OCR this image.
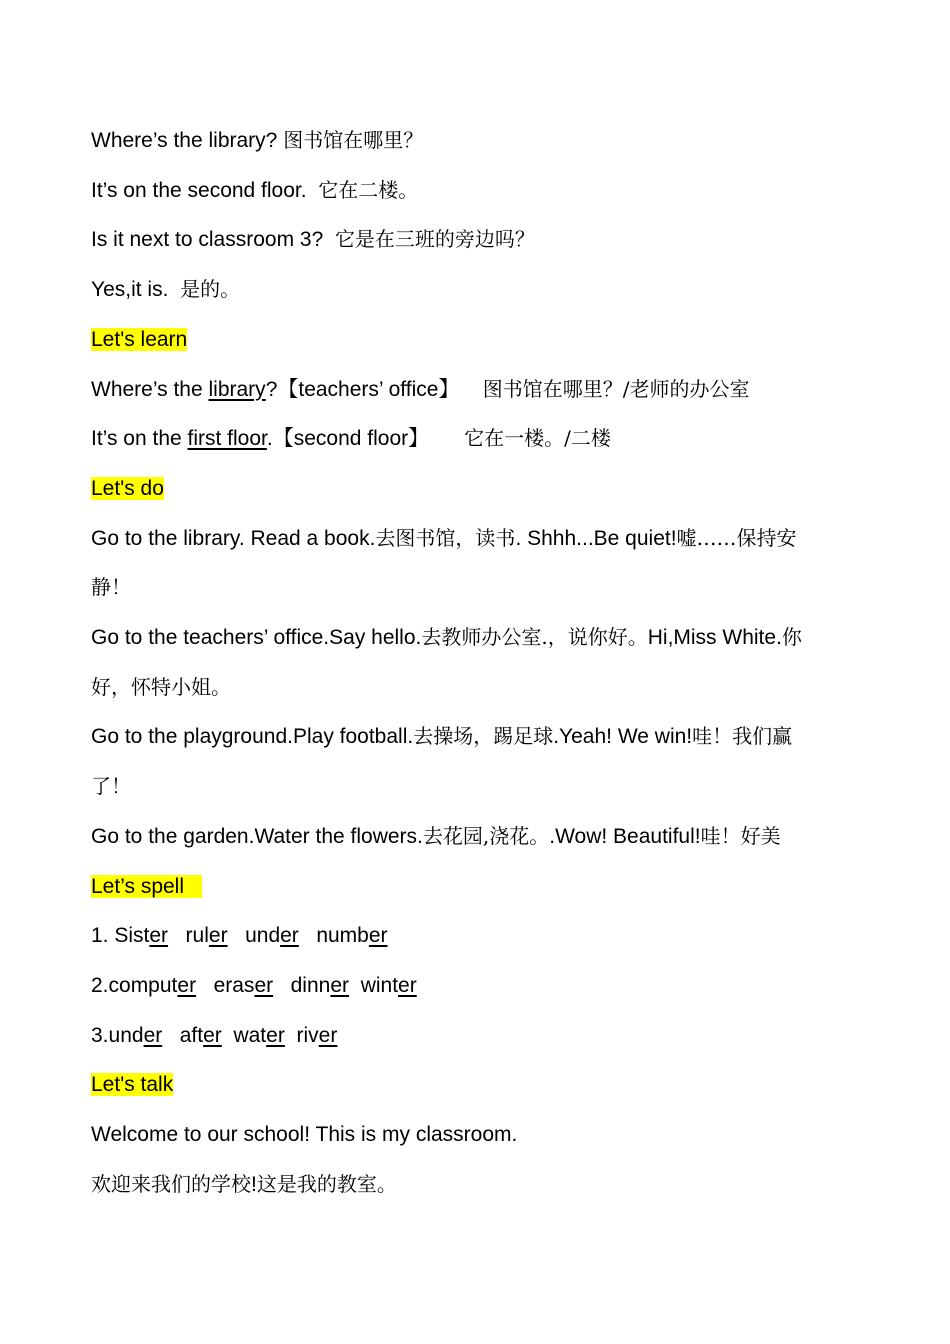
Where’s the library? 图书馆在哪里？
It’s on the second floor.  它在二楼。
Is it next to classroom 3?  它是在三班的旁边吗？
Yes,it is.  是的。
Let's learn
Where’s the library?【teachers’ office】    图书馆在哪里？/老师的办公室
It’s on the first floor.【second floor】      它在一楼。/二楼
Let's do
Go to the library. Read a book.去图书馆，读书. Shhh...Be quiet!嘘……保持安
静！
Go to the teachers’ office.Say hello.去教师办公室.，说你好。Hi,Miss White.你
好，怀特小姐。
Go to the playground.Play football.去操场，踢足球.Yeah! We win!哇！我们赢
了！
Go to the garden.Water the flowers.去花园,浇花。.Wow! Beautiful!哇！好美
Let’s spell
1. Sister   ruler   under   number
2.computer   eraser   dinner  winter
3.under   after  water  river
Let's talk
Welcome to our school! This is my classroom.
欢迎来我们的学校!这是我的教室。
